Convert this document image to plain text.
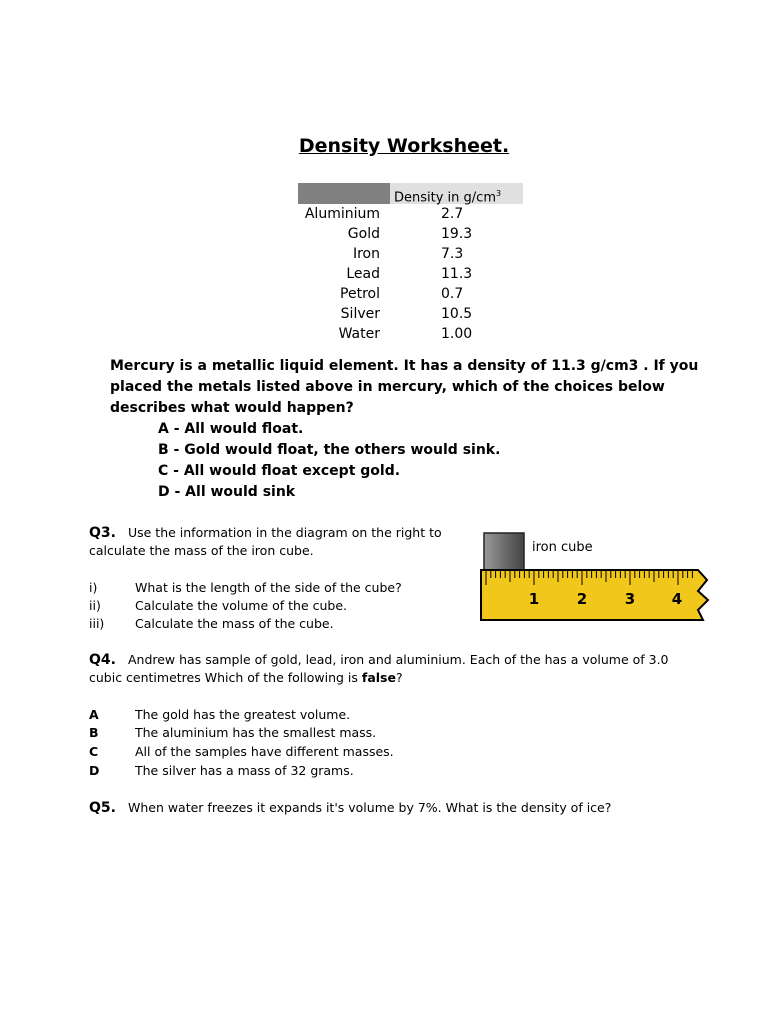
Density Worksheet.
Density in $g/cm^3$
Aluminium	2.7
Gold	19.3
Iron	7.3
Lead	11.3
Petrol	0.7
Silver	10.5
Water	1.00
Mercury is a metallic liquid element. It has a density of 11.3 g/cm3 . If you
placed the metals listed above in mercury, which of the choices below
describes what would happen?
A - All would float.
B - Gold would float, the others would sink.
C - All would float except gold.
D - All would sink
Q3. Use the information in the diagram on the right to
calculate the mass of the iron cube.
i)	What is the length of the side of the cube?
ii)	Calculate the volume of the cube.
iii) Calculate the mass of the cube.
iron cube
1	2	3 4
Q4. Andrew has sample of gold, lead, iron and aluminium. Each of the has a volume of 3.0
cubic centimetres Which of the following is false?
A	The gold has the greatest volume.
B	The aluminium has the smallest mass.
C	All of the samples have different masses.
D	The silver has a mass of 32 grams.
Q5. When water freezes it expands it's volume by 7%. What is the density of ice?
